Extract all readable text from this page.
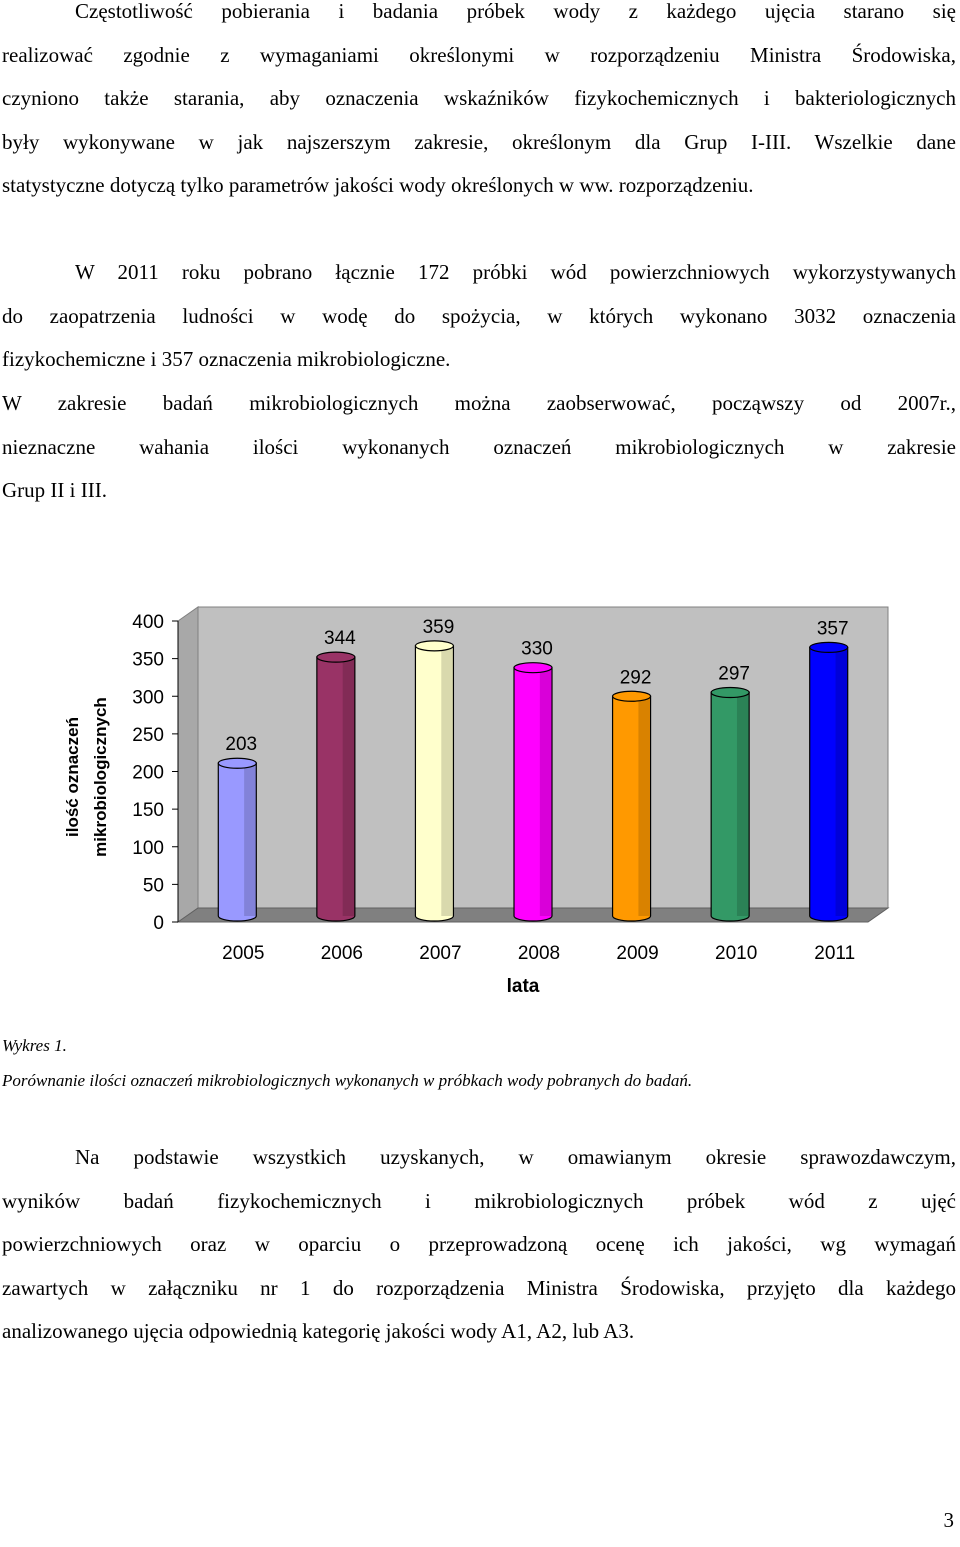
Częstotliwość pobierania i badania próbek wody z każdego ujęcia starano się
realizować zgodnie z wymaganiami określonymi w rozporządzeniu Ministra Środowiska,
czyniono także starania, aby oznaczenia wskaźników fizykochemicznych i bakteriologicznych
były wykonywane w jak najszerszym zakresie, określonym dla Grup I-III. Wszelkie dane
statystyczne dotyczą tylko parametrów jakości wody określonych w ww. rozporządzeniu.
W 2011 roku pobrano łącznie 172 próbki wód powierzchniowych wykorzystywanych
do zaopatrzenia ludności w wodę do spożycia, w których wykonano 3032 oznaczenia
fizykochemiczne i 357 oznaczenia mikrobiologiczne.
W zakresie badań mikrobiologicznych można zaobserwować, począwszy od 2007r.,
nieznaczne wahania ilości wykonanych oznaczeń mikrobiologicznych w zakresie
Grup II i III.
0
50
100
150
200
250
300
350
400
203
2005
344
2006
359
2007
330
2008
292
2009
297
2010
357
2011
lata
ilość oznaczeń mikrobiologicznych
Wykres 1.
Porównanie ilości oznaczeń mikrobiologicznych wykonanych w próbkach wody pobranych do badań.
Na podstawie wszystkich uzyskanych, w omawianym okresie sprawozdawczym,
wyników badań fizykochemicznych i mikrobiologicznych próbek wód z ujęć
powierzchniowych oraz w oparciu o przeprowadzoną ocenę ich jakości, wg wymagań
zawartych w załączniku nr 1 do rozporządzenia Ministra Środowiska, przyjęto dla każdego
analizowanego ujęcia odpowiednią kategorię jakości wody A1, A2, lub A3.
3
